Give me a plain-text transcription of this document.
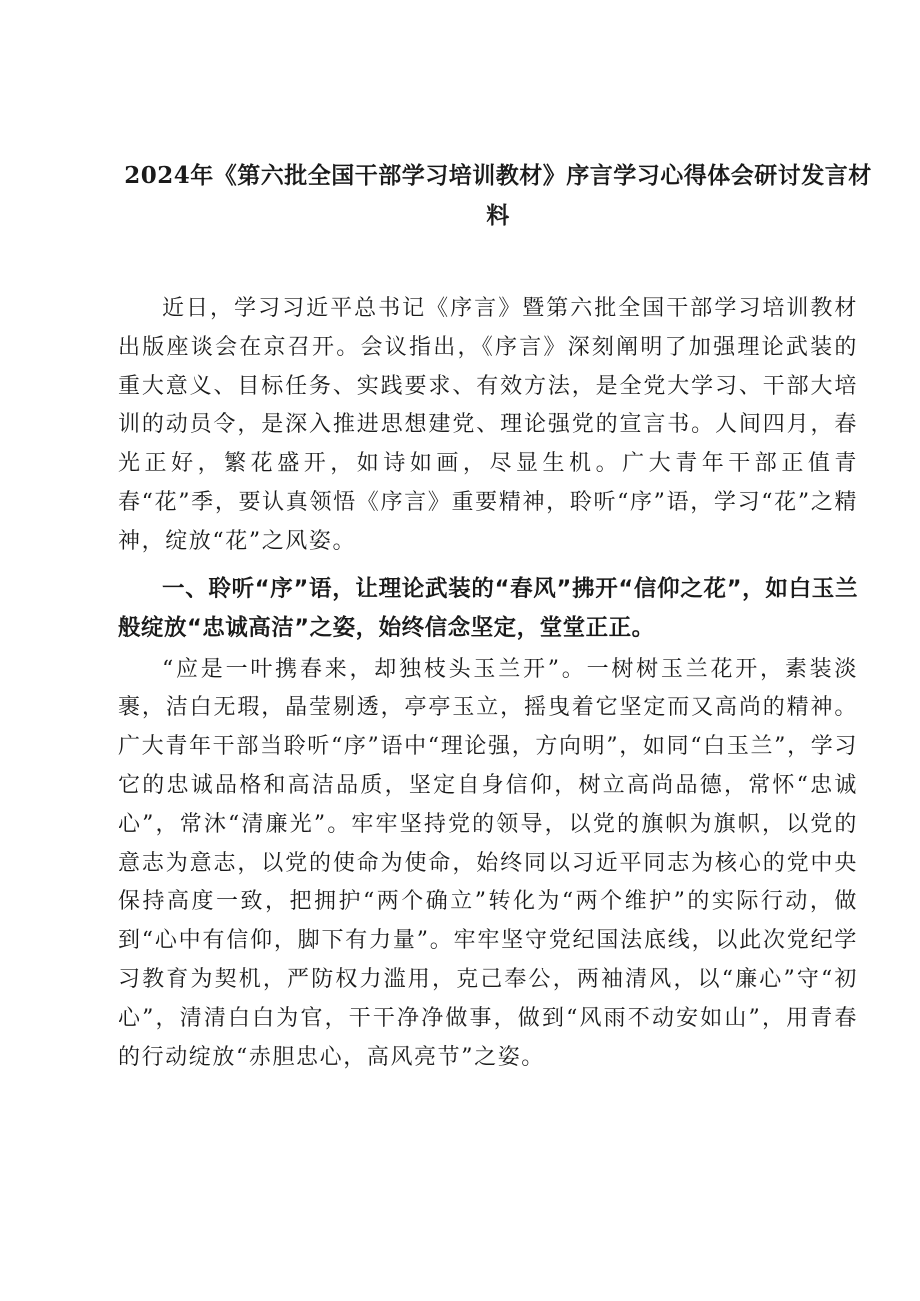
2024年《第六批全国干部学习培训教材》序言学习心得体会研讨发言材料

近日，学习习近平总书记《序言》暨第六批全国干部学习培训教材出版座谈会在京召开。会议指出，《序言》深刻阐明了加强理论武装的重大意义、目标任务、实践要求、有效方法，是全党大学习、干部大培训的动员令，是深入推进思想建党、理论强党的宣言书。人间四月，春光正好，繁花盛开，如诗如画，尽显生机。广大青年干部正值青春“花”季，要认真领悟《序言》重要精神，聆听“序”语，学习“花”之精神，绽放“花”之风姿。

一、聆听“序”语，让理论武装的“春风”拂开“信仰之花”，如白玉兰般绽放“忠诚高洁”之姿，始终信念坚定，堂堂正正。

“应是一叶携春来，却独枝头玉兰开”。一树树玉兰花开，素装淡裹，洁白无瑕，晶莹剔透，亭亭玉立，摇曳着它坚定而又高尚的精神。广大青年干部当聆听“序”语中“理论强，方向明”，如同“白玉兰”，学习它的忠诚品格和高洁品质，坚定自身信仰，树立高尚品德，常怀“忠诚心”，常沐“清廉光”。牢牢坚持党的领导，以党的旗帜为旗帜，以党的意志为意志，以党的使命为使命，始终同以习近平同志为核心的党中央保持高度一致，把拥护“两个确立”转化为“两个维护”的实际行动，做到“心中有信仰，脚下有力量”。牢牢坚守党纪国法底线，以此次党纪学习教育为契机，严防权力滥用，克己奉公，两袖清风，以“廉心”守“初心”，清清白白为官，干干净净做事，做到“风雨不动安如山”，用青春的行动绽放“赤胆忠心，高风亮节”之姿。
